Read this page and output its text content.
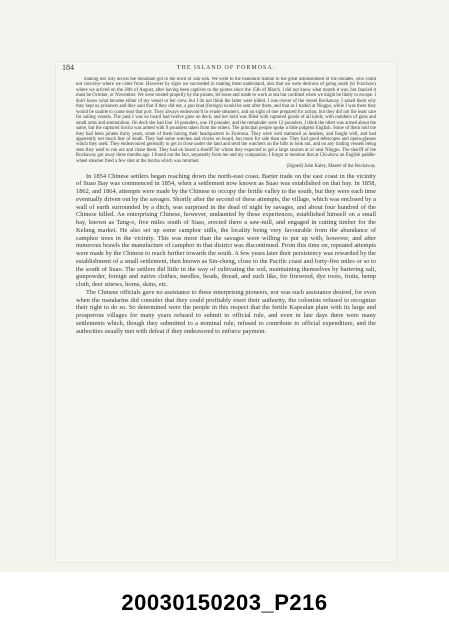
184	THE ISLAND OF FORMOSA.

making our way across the mountain got to the town of San-Sah. We went to the mandarin station to the great astonishment of the inmates, who could not conceive where we came from. However by signs we succeeded in making them understand, also that we were desirous of going south (to Foochow) where we arrived on the 20th of August, after having been captives to the pirates since the 15th of March. I did not know what month it was, but fancied it must be October, or November. We were treated properly by the pirates, let loose and made to work at sea but confined when we might be likely to escape. I don't know what became either of my vessel or her crew, but I do not think the latter were killed. I was owner of the vessel Rockaway. I asked them why they kept us prisoners and they said that if they did not, a gun boat (foreign) would be sent after them, and that as I traded at Ningpo, while I was there they would be unable to come near that port. They always endeavour'd to evade steamers, and on sight of one prepared for action, but they did not the least care for sailing vessels. The junk I was on board had twelve guns on deck, and her hold was filled with captured goods of all kinds, with numbers of guns and small arms and ammunition. On deck she had four 16 pounders, one 18 pounder, and the remainder were 12 pounders. I think the other was armed about the same, but the captured lorcha was armed with 9 pounders taken from the others. The principal people spoke a little pidgeon English. Some of them told me they had been pirates thirty years, some of them having their headquarters in Formosa. They were well stationed as headers, and fought well, and had apparently not much fear of death. They had some watches and clocks on board, but more for sale than use. They had good telescopes and opera-glasses which they used. They endeavoured generally to get in close under the land and send the watchers on the hills to look out, and on any trading vessels being seen they used to run out and chase them. They had on board a sheriff for whom they expected to get a large ransom at or near Ningpo. The sheriff of the Rockaway got away three months ago. I found out the fact, separately from me and my companion. I forgot to mention that at Chi-akow an English paddle-wheel steamer fired a few shot at the lorcha which was returned.
(Signed) John Kaley, Master of the Rockaway.

In 1854 Chinese settlers began reaching down the north-east coast. Barter trade on the east coast in the vicinity of Suao Bay was commenced in 1854, when a settlement now known as Suao was established on that bay. In 1858, 1862, and 1864, attempts were made by the Chinese to occupy the fertile valley to the south, but they were each time eventually driven out by the savages. Shortly after the second of these attempts, the village, which was enclosed by a wall of earth surrounded by a ditch, was surprised in the dead of night by savages, and about four hundred of the Chinese killed. An enterprising Chinese, however, undaunted by these experiences, established himself on a small bay, known as Tang-o, five miles south of Suao, erected there a saw-mill, and engaged in cutting timber for the Kelung market. He also set up some camphor stills, the locality being very favourable from the abundance of camphor trees in the vicinity. This was more than the savages were willing to put up with, however, and after numerous brawls the manufacture of camphor in that district was discontinued. From this time on, repeated attempts were made by the Chinese to reach further towards the south. A few years later their persistency was rewarded by the establishment of a small settlement, then known as Sin-cheng, close to the Pacific coast and forty-five miles or so to the south of Suao. The settlers did little in the way of cultivating the soil, maintaining themselves by bartering salt, gunpowder, foreign and native clothes, needles, beads, thread, and such like, for firewood, dye roots, fruits, hemp cloth, deer sinews, horns, skins, etc.

The Chinese officials gave no assistance to these enterprising pioneers, nor was such assistance desired, for even when the mandarins did consider that they could profitably exert their authority, the colonists refused to recognize their right to do so. So determined were the people in this respect that the fertile Kapsulan plain with its large and prosperous villages for many years refused to submit to official rule, and even in late days there were many settlements which, though they submitted to a nominal rule, refused to contribute to official expenditure, and the authorities usually met with defeat if they endeavored to enforce payment.

20030150203_P216
